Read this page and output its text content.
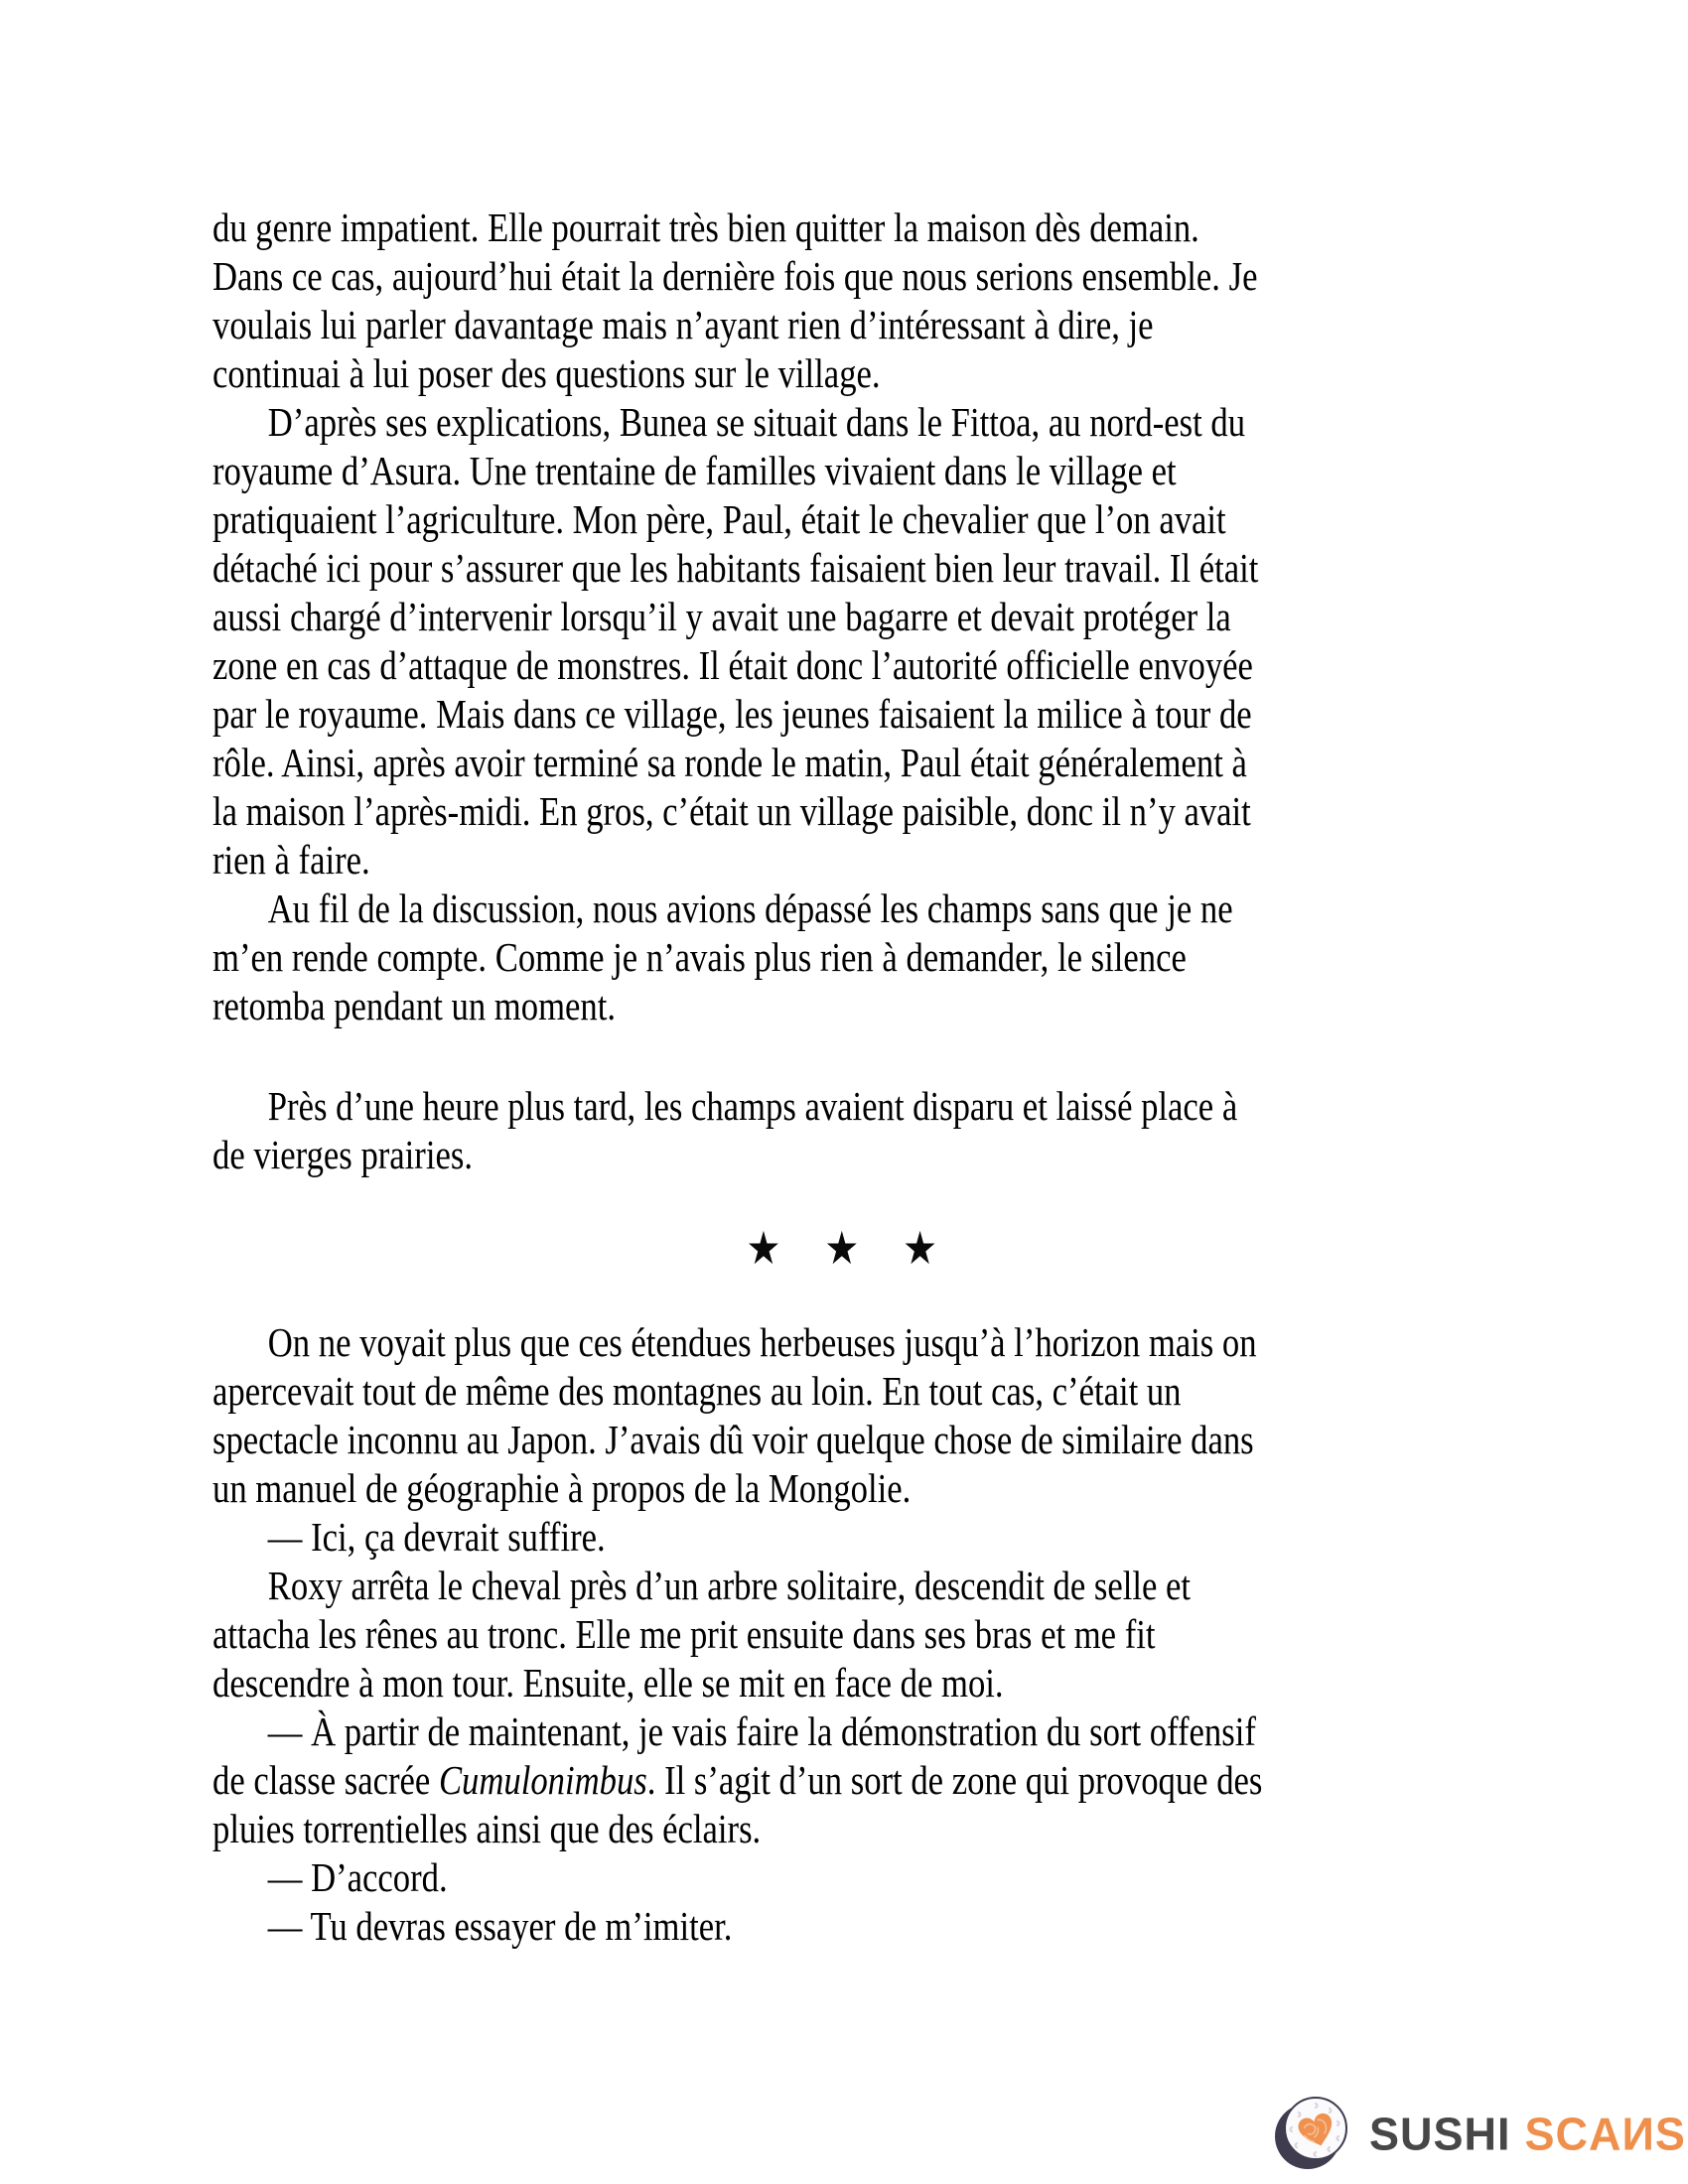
du genre impatient. Elle pourrait très bien quitter la maison dès demain.
Dans ce cas, aujourd’hui était la dernière fois que nous serions ensemble. Je
voulais lui parler davantage mais n’ayant rien d’intéressant à dire, je
continuai à lui poser des questions sur le village.
D’après ses explications, Bunea se situait dans le Fittoa, au nord-est du
royaume d’Asura. Une trentaine de familles vivaient dans le village et
pratiquaient l’agriculture. Mon père, Paul, était le chevalier que l’on avait
détaché ici pour s’assurer que les habitants faisaient bien leur travail. Il était
aussi chargé d’intervenir lorsqu’il y avait une bagarre et devait protéger la
zone en cas d’attaque de monstres. Il était donc l’autorité officielle envoyée
par le royaume. Mais dans ce village, les jeunes faisaient la milice à tour de
rôle. Ainsi, après avoir terminé sa ronde le matin, Paul était généralement à
la maison l’après-midi. En gros, c’était un village paisible, donc il n’y avait
rien à faire.
Au fil de la discussion, nous avions dépassé les champs sans que je ne
m’en rende compte. Comme je n’avais plus rien à demander, le silence
retomba pendant un moment.
Près d’une heure plus tard, les champs avaient disparu et laissé place à
de vierges prairies.
★ ★ ★
On ne voyait plus que ces étendues herbeuses jusqu’à l’horizon mais on
apercevait tout de même des montagnes au loin. En tout cas, c’était un
spectacle inconnu au Japon. J’avais dû voir quelque chose de similaire dans
un manuel de géographie à propos de la Mongolie.
— Ici, ça devrait suffire.
Roxy arrêta le cheval près d’un arbre solitaire, descendit de selle et
attacha les rênes au tronc. Elle me prit ensuite dans ses bras et me fit
descendre à mon tour. Ensuite, elle se mit en face de moi.
— À partir de maintenant, je vais faire la démonstration du sort offensif
de classe sacrée Cumulonimbus. Il s’agit d’un sort de zone qui provoque des
pluies torrentielles ainsi que des éclairs.
— D’accord.
— Tu devras essayer de m’imiter.
SUSHI SCAИS
